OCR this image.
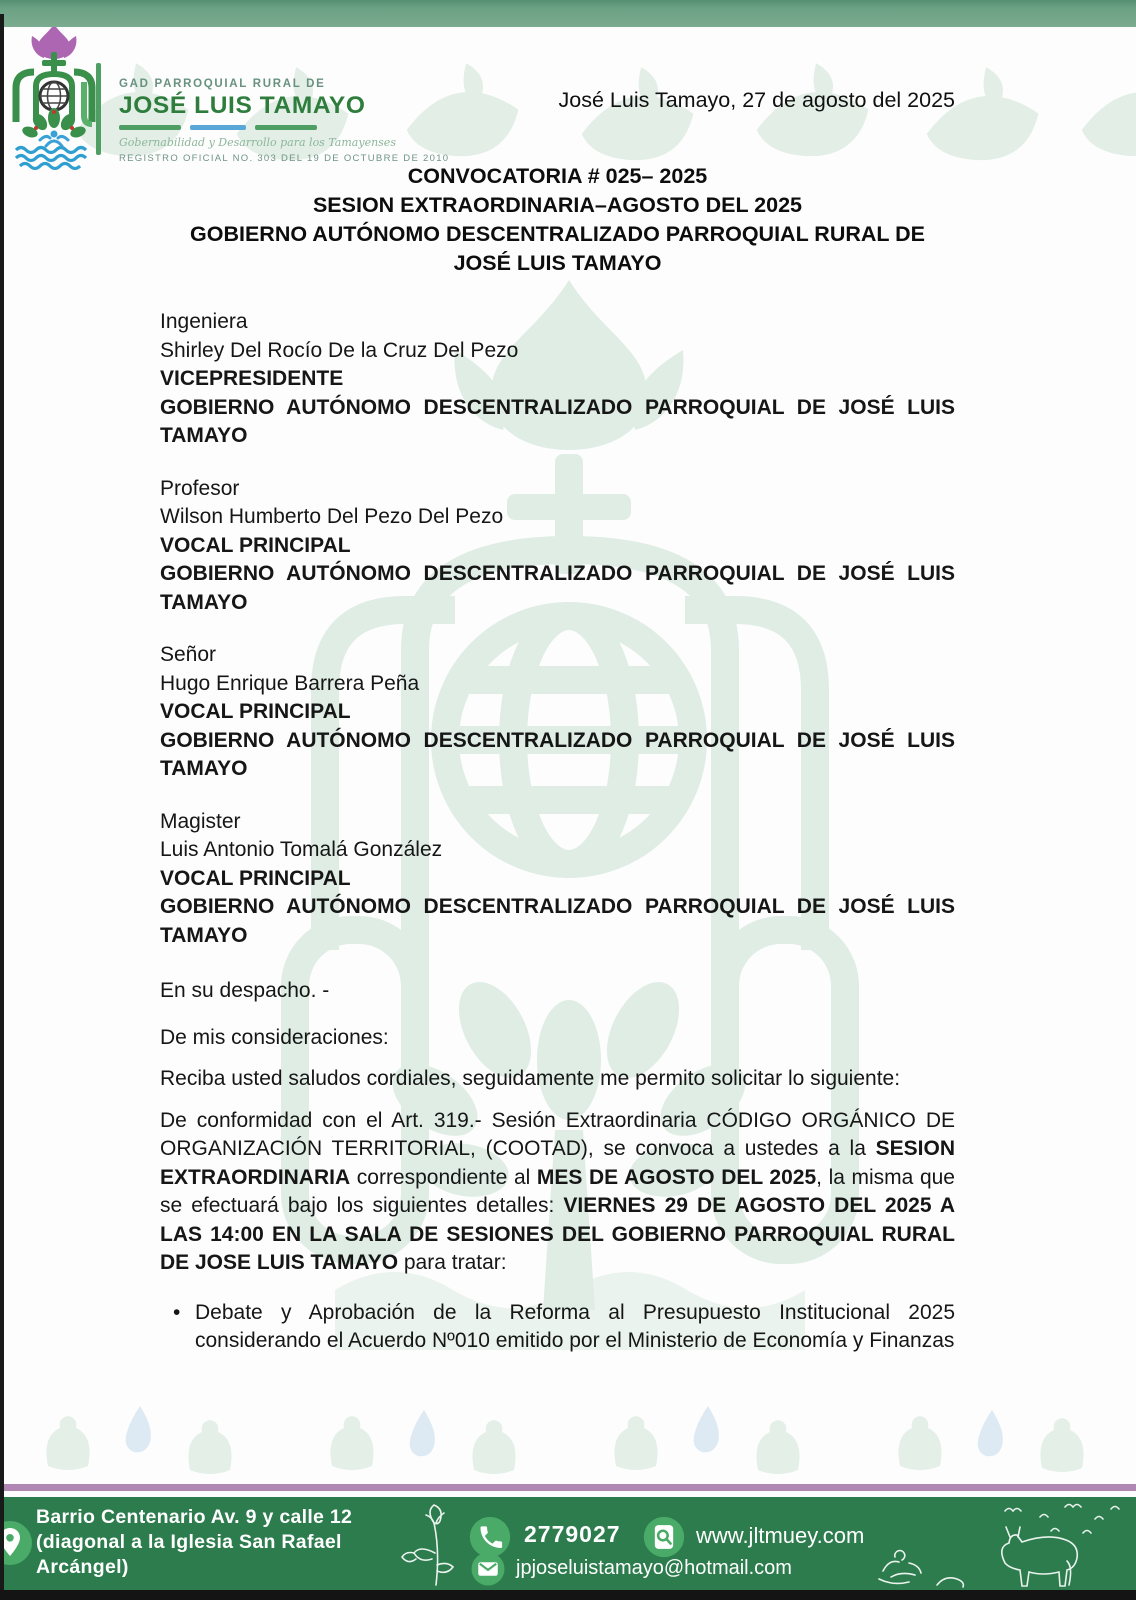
GAD PARROQUIAL RURAL DE
JOSÉ LUIS TAMAYO
Gobernabilidad y Desarrollo para los Tamayenses
REGISTRO OFICIAL NO. 303 DEL 19 DE OCTUBRE DE 2010
José Luis Tamayo, 27 de agosto del 2025
CONVOCATORIA # 025– 2025
SESION EXTRAORDINARIA–AGOSTO DEL 2025
GOBIERNO AUTÓNOMO DESCENTRALIZADO PARROQUIAL RURAL DE JOSÉ LUIS TAMAYO
Ingeniera
Shirley Del Rocío De la Cruz Del Pezo
VICEPRESIDENTE
GOBIERNO AUTÓNOMO DESCENTRALIZADO PARROQUIAL DE JOSÉ LUIS TAMAYO
Profesor
Wilson Humberto Del Pezo Del Pezo
VOCAL PRINCIPAL
GOBIERNO AUTÓNOMO DESCENTRALIZADO PARROQUIAL DE JOSÉ LUIS TAMAYO
Señor
Hugo Enrique Barrera Peña
VOCAL PRINCIPAL
GOBIERNO AUTÓNOMO DESCENTRALIZADO PARROQUIAL DE JOSÉ LUIS TAMAYO
Magister
Luis Antonio Tomalá González
VOCAL PRINCIPAL
GOBIERNO AUTÓNOMO DESCENTRALIZADO PARROQUIAL DE JOSÉ LUIS TAMAYO
En su despacho. -
De mis consideraciones:
Reciba usted saludos cordiales, seguidamente me permito solicitar lo siguiente:

De conformidad con el Art. 319.- Sesión Extraordinaria CÓDIGO ORGÁNICO DE ORGANIZACIÓN TERRITORIAL, (COOTAD), se convoca a ustedes a la SESION EXTRAORDINARIA correspondiente al MES DE AGOSTO DEL 2025, la misma que se efectuará bajo los siguientes detalles: VIERNES 29 DE AGOSTO DEL 2025 A LAS 14:00 EN LA SALA DE SESIONES DEL GOBIERNO PARROQUIAL RURAL DE JOSE LUIS TAMAYO para tratar:

• Debate y Aprobación de la Reforma al Presupuesto Institucional 2025 considerando el Acuerdo Nº010 emitido por el Ministerio de Economía y Finanzas
Barrio Centenario Av. 9 y calle 12 (diagonal a la Iglesia San Rafael Arcángel)
2779027	www.jltmuey.com
jpjoseluistamayo@hotmail.com
